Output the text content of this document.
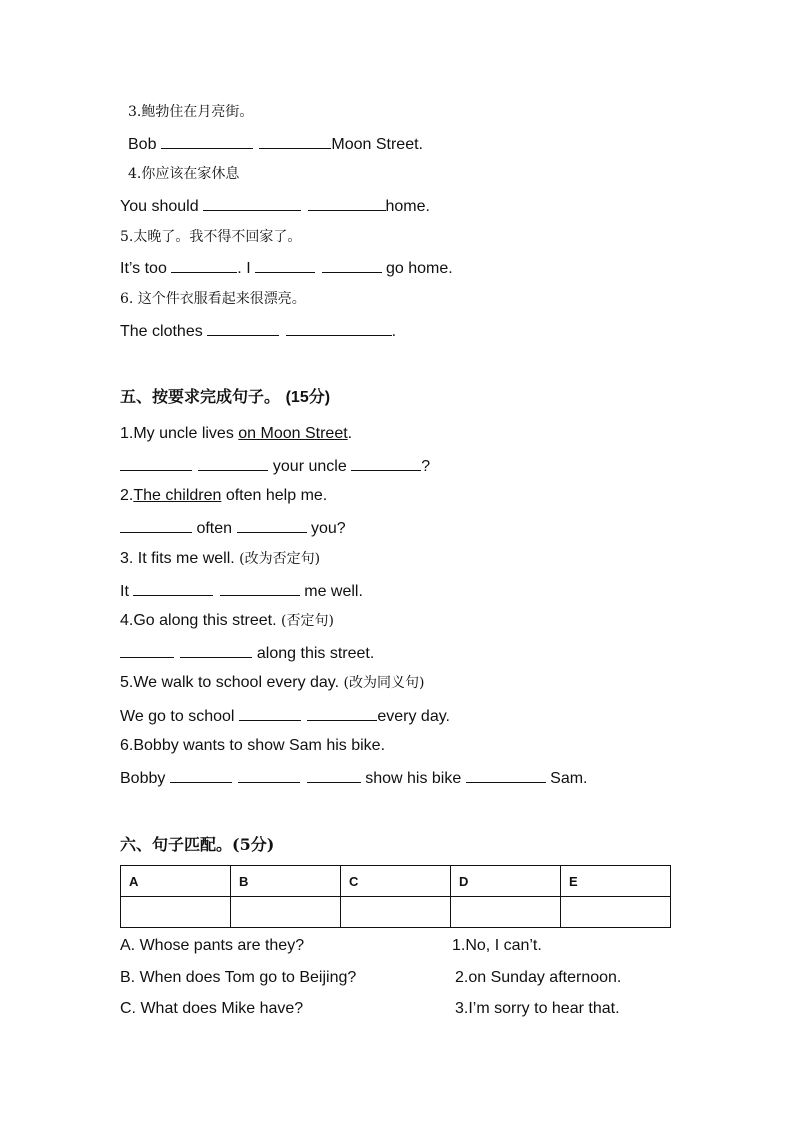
3.鲍勃住在月亮街。
Bob	Moon Street.
4.你应该在家休息
You should	home.
5.太晚了。我不得不回家了。
It’s too	. I	go home.
6. 这个件衣服看起来很漂亮。
The clothes	.
五、按要求完成句子。 (15分)
1.My uncle lives on Moon Street.
your uncle	?
2.The children often help me.
often	you?
3. It fits me well. (改为否定句)
It	me well.
4.Go along this street. (否定句)
along this street.
5.We walk to school every day. (改为同义句)
We go to school	every day.
6.Bobby wants to show Sam his bike.
Bobby	show his bike	Sam.
六、句子匹配。(5分)
A	B	C	D	E

A. Whose pants are they?	1.No, I can’t.
B. When does Tom go to Beijing?	2.on Sunday afternoon.
C. What does Mike have?	3.I’m sorry to hear that.
